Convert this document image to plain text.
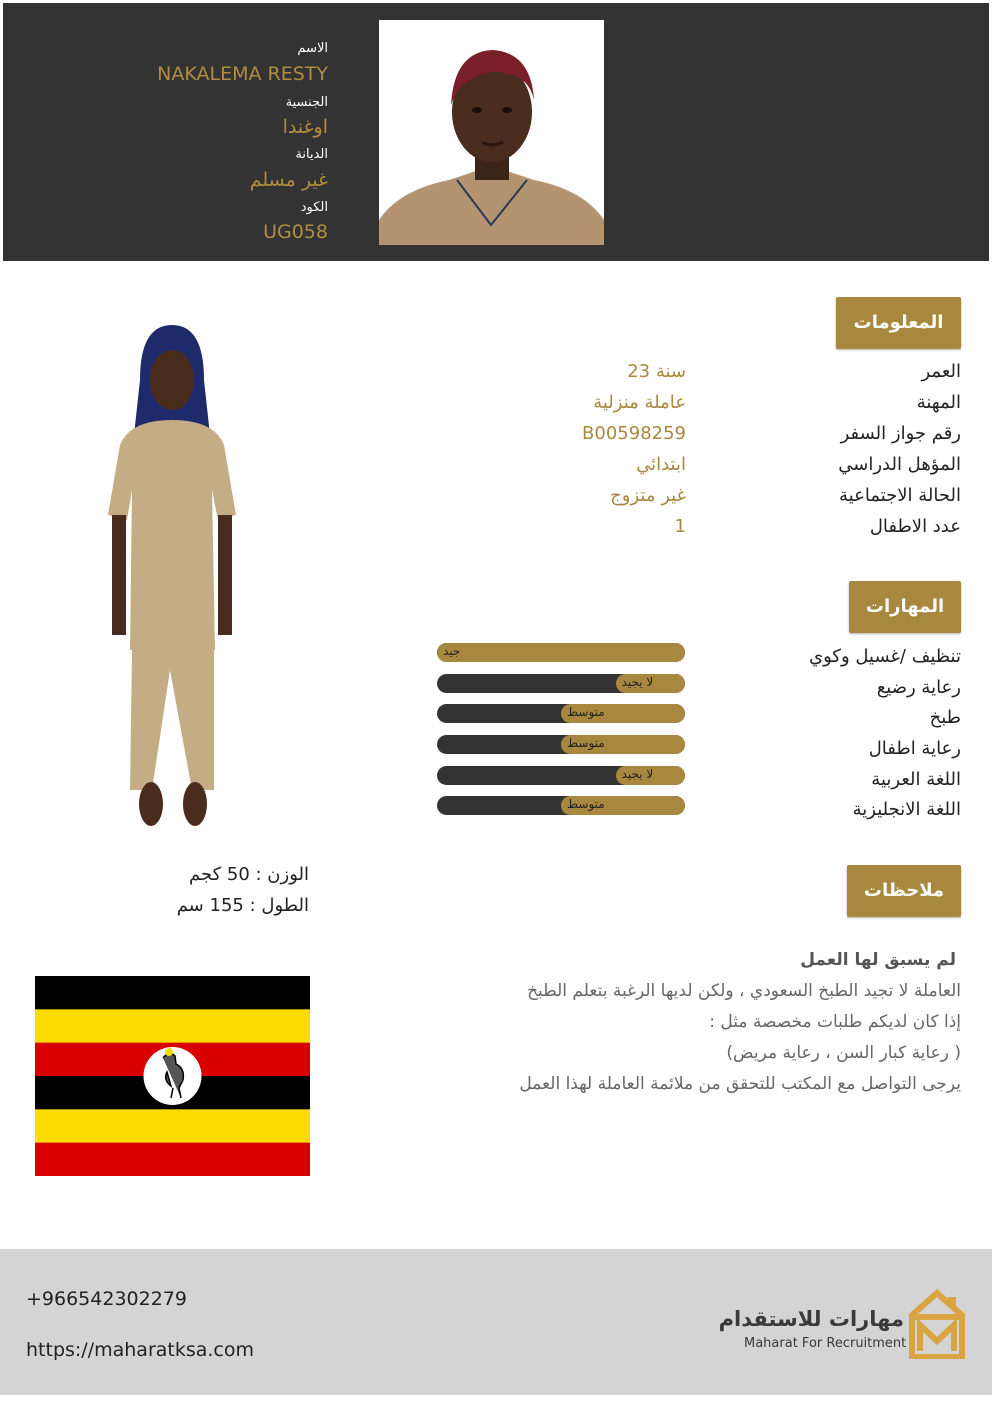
الاسم
NAKALEMA RESTY
الجنسية
اوغندا
الديانة
غير مسلم
الكود
UG058
الوزن : 50 كجم
الطول : 155 سم
المعلومات
العمر
23 سنة
المهنة
عاملة منزلية
رقم جواز السفر
B00598259
المؤهل الدراسي
ابتدائي
الحالة الاجتماعية
غير متزوج
عدد الاطفال
1
المهارات
تنظيف /غسيل وكوي
جيد
رعاية رضيع
لا يجيد
طبخ
متوسط
رعاية اطفال
متوسط
اللغة العربية
لا يجيد
اللغة الانجليزية
متوسط
ملاحظات
لم يسبق لها العمل
العاملة لا تجيد الطبخ السعودي ، ولكن لديها الرغبة بتعلم الطبخ
إذا كان لديكم طلبات مخصصة مثل :
( رعاية كبار السن ، رعاية مريض)
يرجى التواصل مع المكتب للتحقق من ملائمة العاملة لهذا العمل
+966542302279
https://maharatksa.com
مهارات للاستقدام
Maharat For Recruitment
